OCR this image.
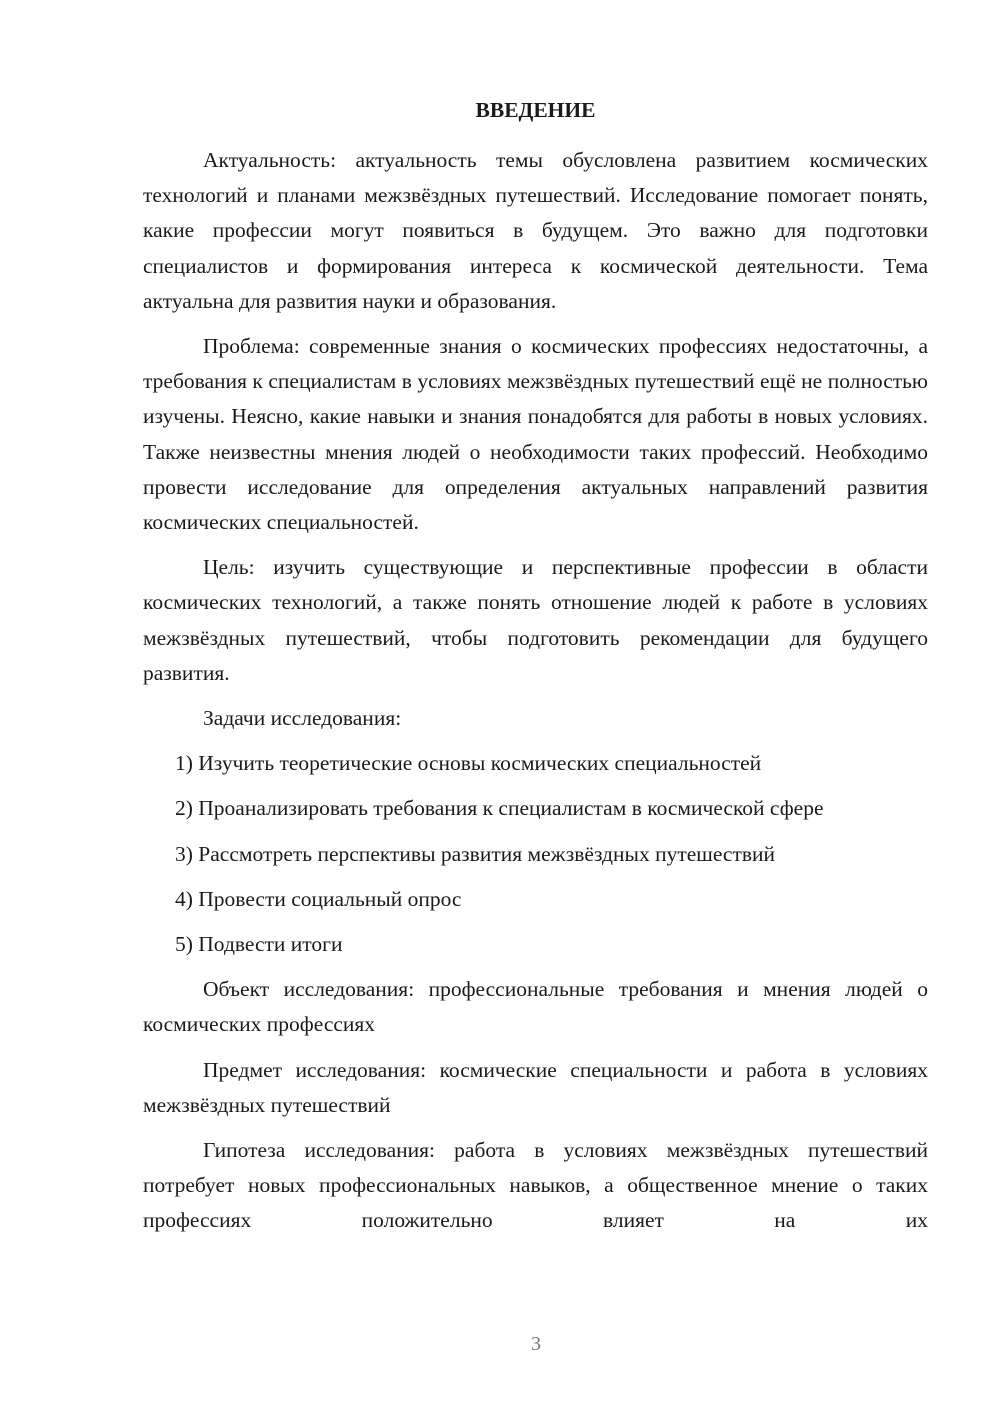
ВВЕДЕНИЕ

Актуальность: актуальность темы обусловлена развитием космических технологий и планами межзвёздных путешествий. Исследование помогает понять, какие профессии могут появиться в будущем. Это важно для подготовки специалистов и формирования интереса к космической деятельности. Тема актуальна для развития науки и образования.

Проблема: современные знания о космических профессиях недостаточны, а требования к специалистам в условиях межзвёздных путешествий ещё не полностью изучены. Неясно, какие навыки и знания понадобятся для работы в новых условиях. Также неизвестны мнения людей о необходимости таких профессий. Необходимо провести исследование для определения актуальных направлений развития космических специальностей.

Цель: изучить существующие и перспективные профессии в области космических технологий, а также понять отношение людей к работе в условиях межзвёздных путешествий, чтобы подготовить рекомендации для будущего развития.

Задачи исследования:

1) Изучить теоретические основы космических специальностей
2) Проанализировать требования к специалистам в космической сфере
3) Рассмотреть перспективы развития межзвёздных путешествий
4) Провести социальный опрос
5) Подвести итоги

Объект исследования: профессиональные требования и мнения людей о космических профессиях

Предмет исследования: космические специальности и работа в условиях межзвёздных путешествий

Гипотеза исследования: работа в условиях межзвёздных путешествий потребует новых профессиональных навыков, а общественное мнение о таких профессиях положительно влияет на их

3
